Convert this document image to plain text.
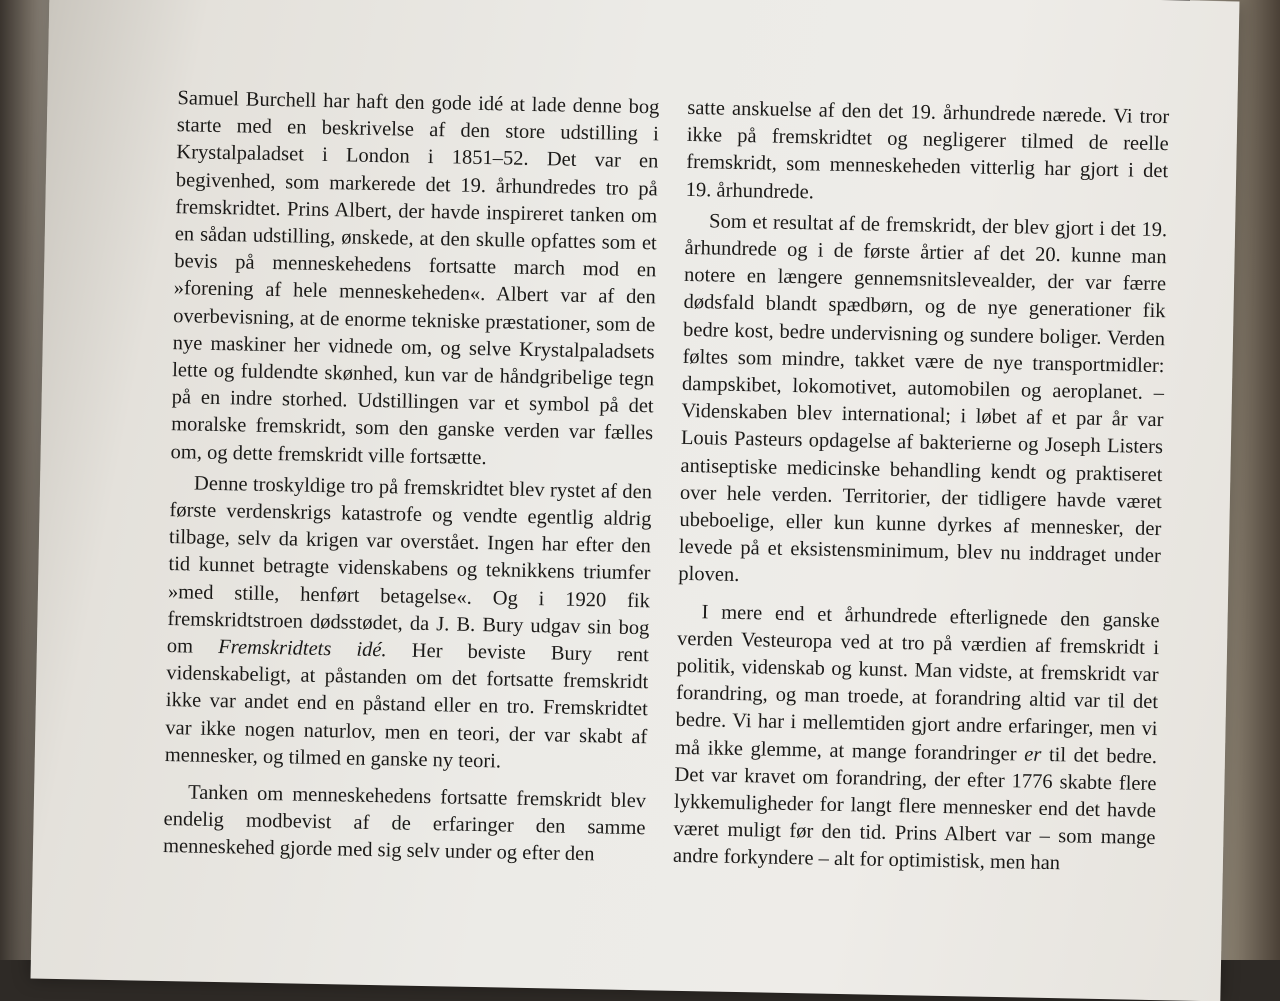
Samuel Burchell har haft den gode idé at lade denne bog starte med en beskrivelse af den store udstilling i Krystalpaladset i London i 1851–52. Det var en begivenhed, som markerede det 19. århundredes tro på fremskridtet. Prins Albert, der havde inspireret tanken om en sådan udstilling, ønskede, at den skulle opfattes som et bevis på menneskehedens fortsatte march mod en »forening af hele menneskeheden«. Albert var af den overbevisning, at de enorme tekniske præstationer, som de nye maskiner her vidnede om, og selve Krystalpaladsets lette og fuldendte skønhed, kun var de håndgribelige tegn på en indre storhed. Udstillingen var et symbol på det moralske fremskridt, som den ganske verden var fælles om, og dette fremskridt ville fortsætte.

Denne troskyldige tro på fremskridtet blev rystet af den første verdenskrigs katastrofe og vendte egentlig aldrig tilbage, selv da krigen var overstået. Ingen har efter den tid kunnet betragte videnskabens og teknikkens triumfer »med stille, henført betagelse«. Og i 1920 fik fremskridtstroen dødsstødet, da J. B. Bury udgav sin bog om Fremskridtets idé. Her beviste Bury rent videnskabeligt, at påstanden om det fortsatte fremskridt ikke var andet end en påstand eller en tro. Fremskridtet var ikke nogen naturlov, men en teori, der var skabt af mennesker, og tilmed en ganske ny teori.

Tanken om menneskehedens fortsatte fremskridt blev endelig modbevist af de erfaringer den samme menneskehed gjorde med sig selv under og efter den

satte anskuelse af den det 19. århundrede nærede. Vi tror ikke på fremskridtet og negligerer tilmed de reelle fremskridt, som menneskeheden vitterlig har gjort i det 19. århundrede.

Som et resultat af de fremskridt, der blev gjort i det 19. århundrede og i de første årtier af det 20. kunne man notere en længere gennemsnitslevealder, der var færre dødsfald blandt spædbørn, og de nye generationer fik bedre kost, bedre undervisning og sundere boliger. Verden føltes som mindre, takket være de nye transportmidler: dampskibet, lokomotivet, automobilen og aeroplanet. – Videnskaben blev international; i løbet af et par år var Louis Pasteurs opdagelse af bakterierne og Joseph Listers antiseptiske medicinske behandling kendt og praktiseret over hele verden. Territorier, der tidligere havde været ubeboelige, eller kun kunne dyrkes af mennesker, der levede på et eksistensminimum, blev nu inddraget under ploven.

I mere end et århundrede efterlignede den ganske verden Vesteuropa ved at tro på værdien af fremskridt i politik, videnskab og kunst. Man vidste, at fremskridt var forandring, og man troede, at forandring altid var til det bedre. Vi har i mellemtiden gjort andre erfaringer, men vi må ikke glemme, at mange forandringer er til det bedre. Det var kravet om forandring, der efter 1776 skabte flere lykkemuligheder for langt flere mennesker end det havde været muligt før den tid. Prins Albert var – som mange andre forkyndere – alt for optimistisk, men han
